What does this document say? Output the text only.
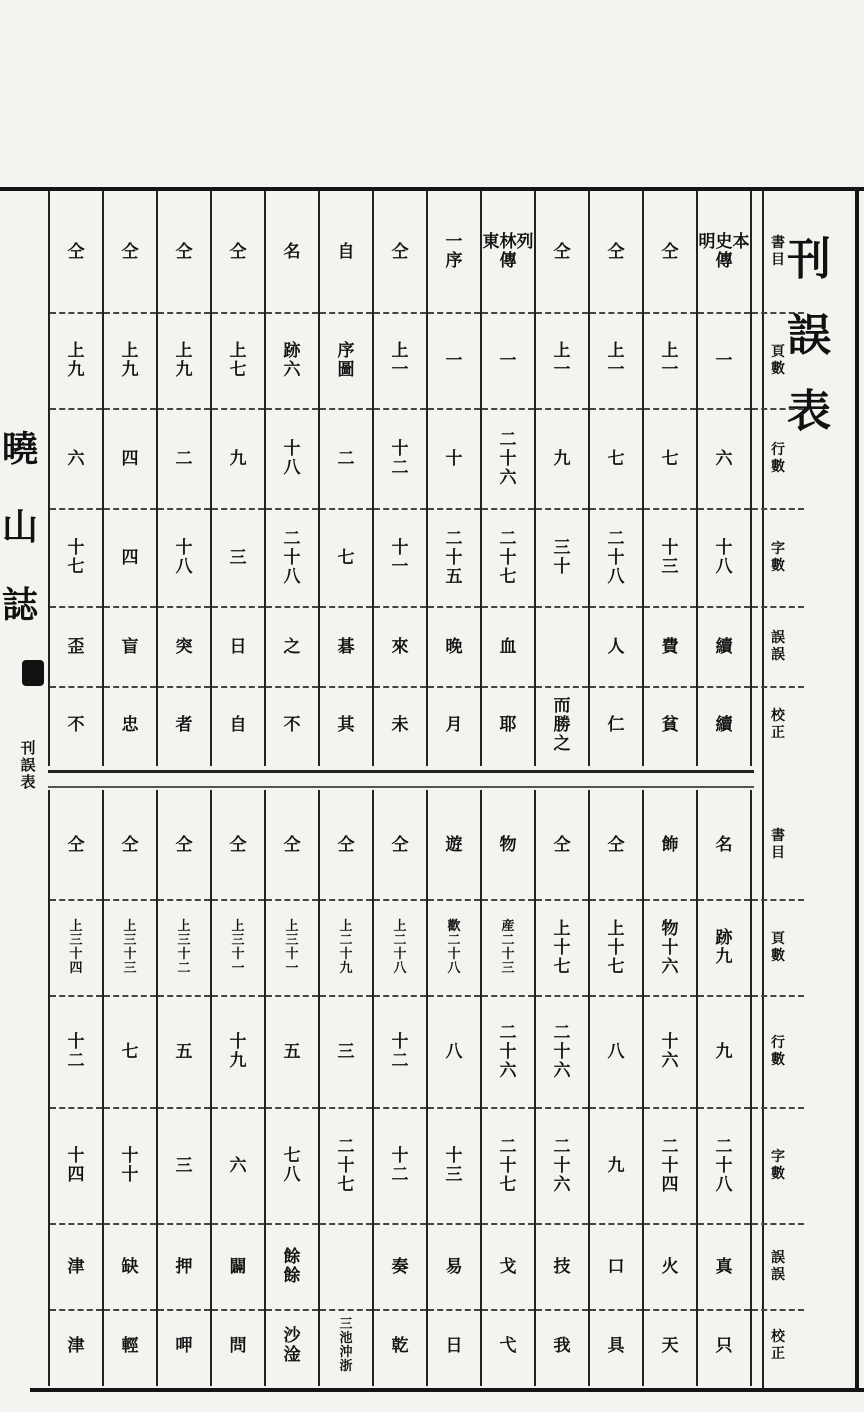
曉
山
誌
刊
誤
表
刊
誤
表
書
目
頁
數
行
數
字
數
誤
誤
校
正
明史本傳
一
六
十
八
續
續
仝
上
一
七
十
三
費
貧
仝
上
一
七
二
十
八
人
仁
仝
上
一
九
三
十
而
勝
之
東林列傳
一
二
十
六
二
十
七
血
耶
一
序
一
十
二
十
五
晚
月
仝
上
一
十
二
十
一
來
未
自
序
圖
二
七
碁
其
名
跡
六
十
八
二
十
八
之
不
仝
上
七
九
三
日
自
仝
上
九
二
十
八
突
者
仝
上
九
四
四
盲
忠
仝
上
九
六
十
七
歪
不
書
目
頁
數
行
數
字
數
誤
誤
校
正
名
跡
九
九
二
十
八
真
只
飾
物
十
六
十
六
二
十
四
火
天
仝
上
十
七
八
九
口
具
仝
上
十
七
二
十
六
二
十
六
技
我
物
産
二
十
三
二
十
六
二
十
七
戈
弋
遊
歡
二
十
八
八
十
三
易
日
仝
上
二
十
八
十
二
十
二
奏
乾
仝
上
二
十
九
三
二
十
七
三
池
沖
浙
仝
上
三
十
一
五
七
八
餘
餘
沙
淦
仝
上
三
十
一
十
九
六
闢
問
仝
上
三
十
二
五
三
押
呷
仝
上
三
十
三
七
十
十
缺
輕
仝
上
三
十
四
十
二
十
四
津
津
